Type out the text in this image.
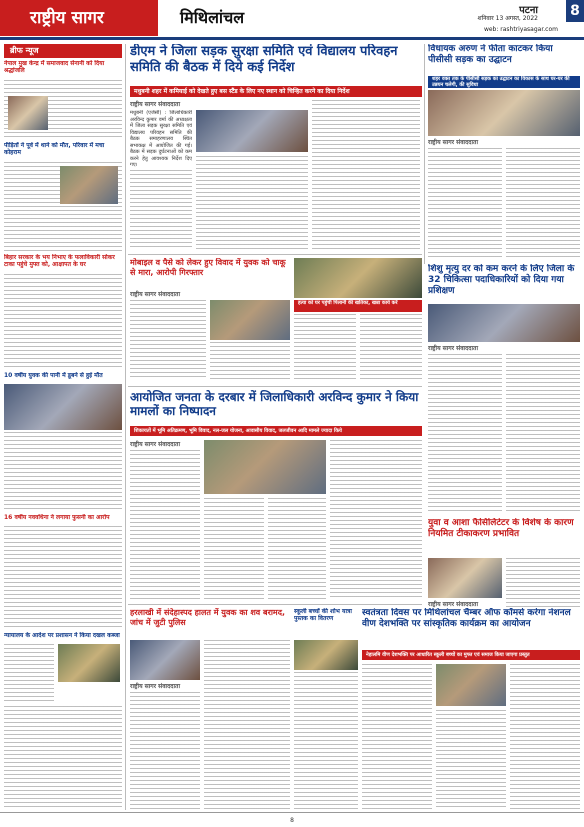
राष्ट्रीय सागर	मिथिलांचल	पटना
शनिवार 13 अगस्त, 2022
web: rashtriyasagar.com
8
ब्रीफ न्यूज
नेपाल मुख केन्द्र में समाजवाद सेनानी को दिया श्रद्धांजलि
पीड़ितों ने पूर्व में थाने को मौत, परिवार में मचा कोहराम
बिहार सरकार के भय निभाए के फलाविकारी सोकर टाका पहुंचे मुफ्त को, आक्षापत के घर
10 वर्षीय युवक की पानी में डूबने से हुई मौत
16 वर्षीय नववधिना ने लगाया फुसनी का आरोप
न्यायालय के आदेश पर प्रशासन ने किया दखल कब्जा
डीएम ने जिला सड़क सुरक्षा समिति एवं विद्यालय परिवहन समिति की बैठक में दिये कई निर्देश
मधुबनी शहर में कमियाई को देखते हुए बस स्टैंड के लिए नए स्थान को चिन्हित करने का दिया निर्देश
राष्ट्रीय सागर संवाददाता
मधुबनी (एजेंसी) : जिलाधिकारी अरविन्द कुमार वर्मा की अध्यक्षता में जिला सड़क सुरक्षा समिति एवं विद्यालय परिवहन समिति की बैठक समाहरणालय स्थित सभाकक्ष में आयोजित की गई। बैठक में सड़क दुर्घटनाओं को कम करने हेतु आवश्यक निर्देश दिए गए।
विधायक अरुण ने फीता काटकर किया पीसीसी सड़क का उद्घाटन
शहर वक्त तक के पीसीसी सड़क का उद्घाटन का विकास के साथ घर-घर की उन्नयन चलेगी, की सुविधा
राष्ट्रीय सागर संवाददाता
मोबाइल व पैसे को लेकर हुए विवाद में युवक को चाकू से मारा, आरोपी गिरफ्तार
राष्ट्रीय सागर संवाददाता
हत्या को घर पहुंची पिलानी की खतिका, खन्ना कार्य करें
शिशु मृत्यु दर को कम करने के लिए जिला के 32 चिकित्सा पदाधिकारियों को दिया गया प्रशिक्षण
राष्ट्रीय सागर संवाददाता
आयोजित जनता के दरबार में जिलाधिकारी अरविन्द कुमार ने किया मामलों का निष्पादन
शिकायतों में भूमि अतिक्रमण, भूमि विवाद, नल-जल योजना, आवासीय विवाद, जलजीवन आदि मामले ज्यादा किये
राष्ट्रीय सागर संवाददाता
युवा व आशा फैसिलिटेटर के विशेष के कारण नियमित टीकाकरण प्रभावित
राष्ट्रीय सागर संवाददाता
हरलाखी में संदेहास्पद हालत में युवक का शव बरामद, जांच में जुटी पुलिस
राष्ट्रीय सागर संवाददाता
स्कूली बच्चों की शोभ यात्रा पुस्तक का वितरण
स्वतंत्रता दिवस पर मिथिलांचल चैम्बर ऑफ कॉमर्स करेगा नेशनल वीण देशभक्ति पर सांस्कृतिक कार्यक्रम का आयोजन
नेहालमि वीण देशभक्ति पर आधारित स्कूली बच्चों का मुफ्त एवं समाज किया जाएगा प्रस्तुत
8
